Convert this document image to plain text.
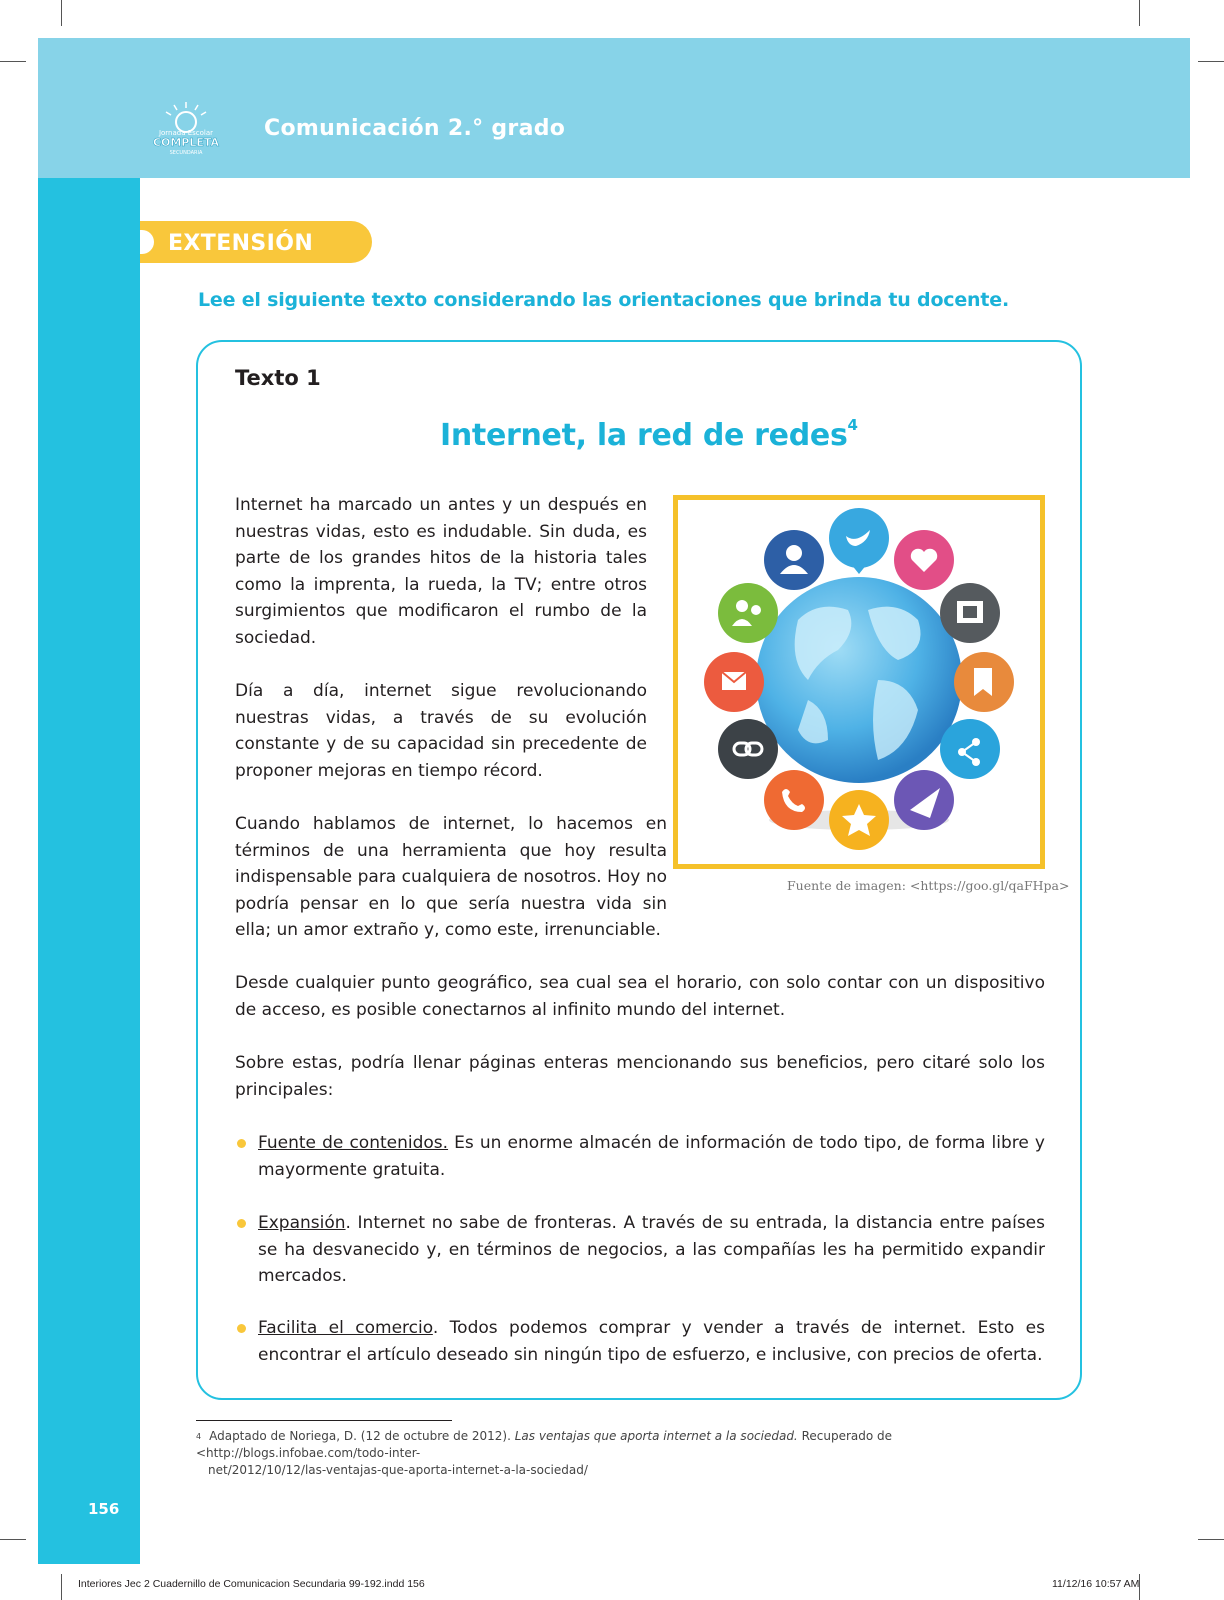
Jornada Escolar
COMPLETA
SECUNDARIA
Comunicación 2.° grado
EXTENSIÓN
Lee el siguiente texto considerando las orientaciones que brinda tu docente.
Texto 1
Internet, la red de redes$^4$

Internet ha marcado un antes y un después en nuestras vidas, esto es indudable. Sin duda, es parte de los grandes hitos de la historia tales como la imprenta, la rueda, la TV; entre otros surgimientos que modificaron el rumbo de la sociedad.

Día a día, internet sigue revolucionando nuestras vidas, a través de su evolución constante y de su capacidad sin precedente de proponer mejoras en tiempo récord.

Cuando hablamos de internet, lo hacemos en términos de una herramienta que hoy resulta indispensable para cualquiera de nosotros. Hoy no podría pensar en lo que sería nuestra vida sin ella; un amor extraño y, como este, irrenunciable.

Desde cualquier punto geográfico, sea cual sea el horario, con solo contar con un dispositivo de acceso, es posible conectarnos al infinito mundo del internet.

Sobre estas, podría llenar páginas enteras mencionando sus beneficios, pero citaré solo los principales:

Fuente de imagen: <https://goo.gl/qaFHpa>
Fuente de contenidos. Es un enorme almacén de información de todo tipo, de forma libre y mayormente gratuita.
Expansión. Internet no sabe de fronteras. A través de su entrada, la distancia entre países se ha desvanecido y, en términos de negocios, a las compañías les ha permitido expandir mercados.
Facilita el comercio. Todos podemos comprar y vender a través de internet. Esto es encontrar el artículo deseado sin ningún tipo de esfuerzo, e inclusive, con precios de oferta.
$^4$ Adaptado de Noriega, D. (12 de octubre de 2012). Las ventajas que aporta internet a la sociedad. Recuperado de <http://blogs.infobae.com/todo-inter-
net/2012/10/12/las-ventajas-que-aporta-internet-a-la-sociedad/
156
Interiores Jec 2 Cuadernillo de Comunicacion Secundaria 99-192.indd 156	11/12/16 10:57 AM
